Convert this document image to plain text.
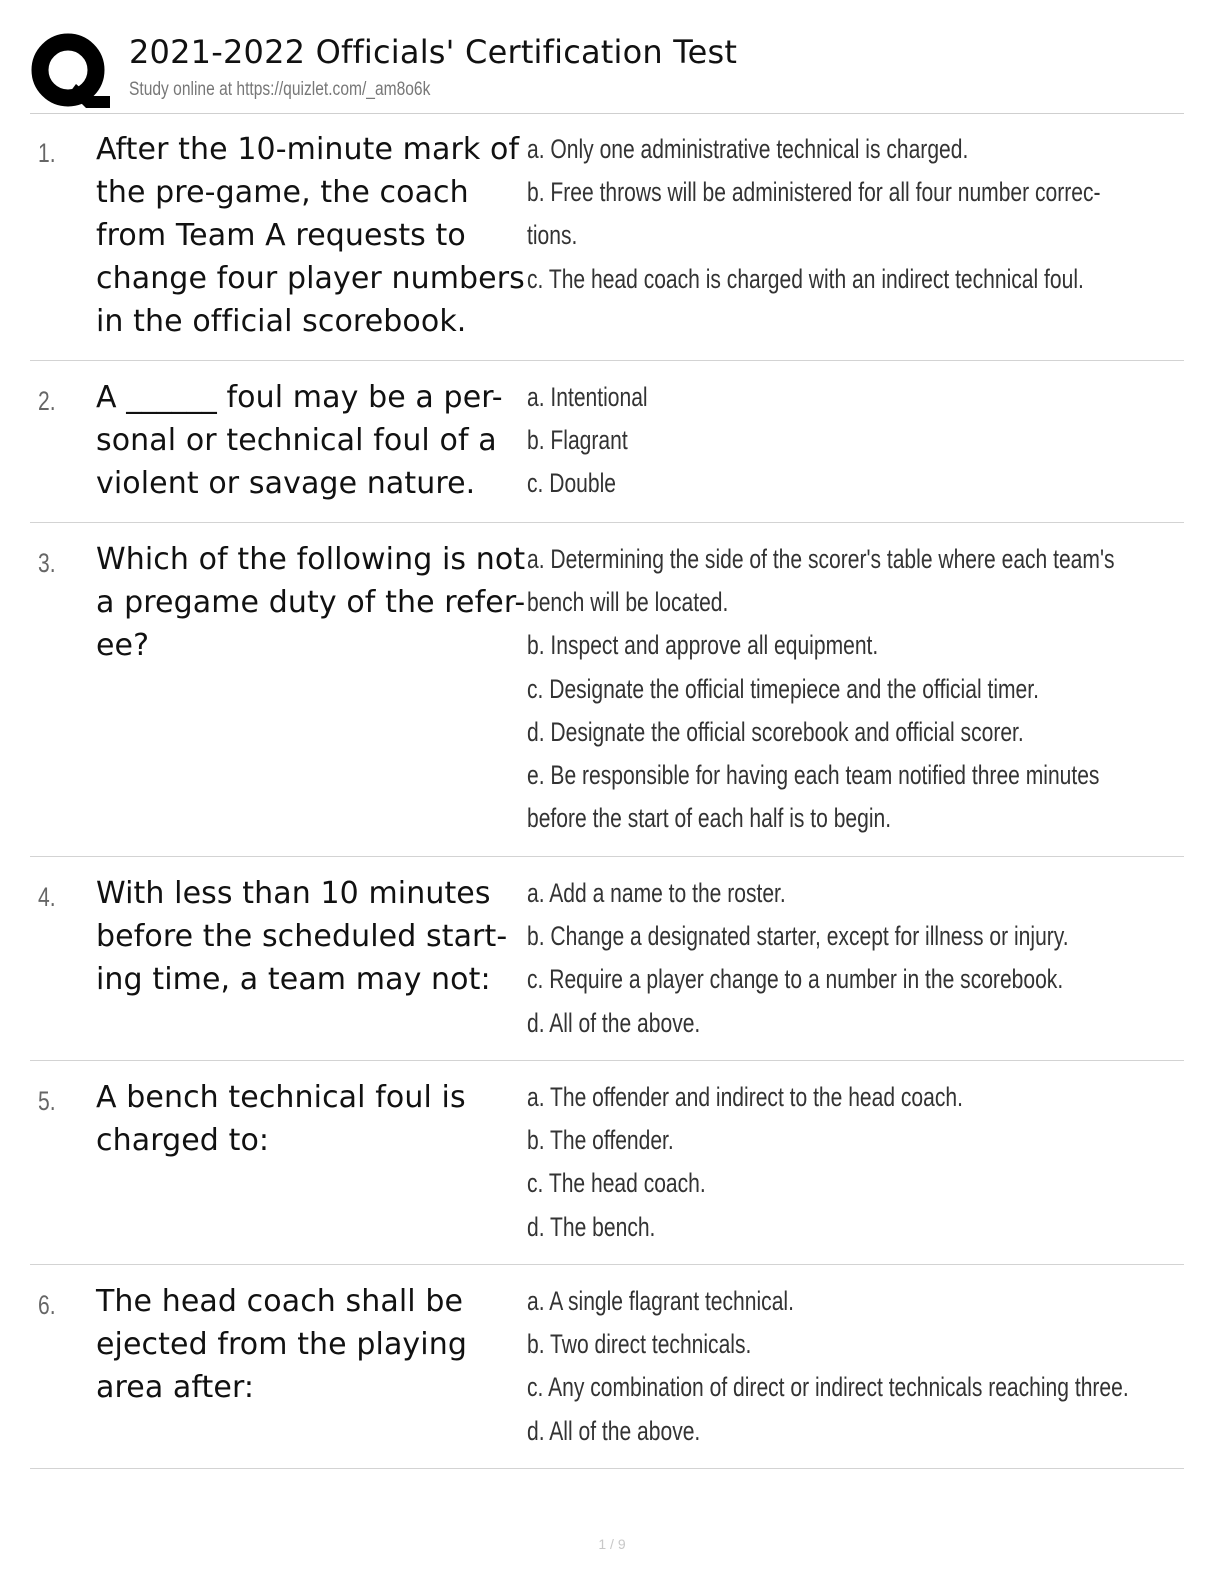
2021-2022 Officials' Certification Test
Study online at https://quizlet.com/_am8o6k
1. After the 10-minute mark of the pre-game, the coach from Team A requests to change four player numbers in the official scorebook.
a. Only one administrative technical is charged.
b. Free throws will be administered for all four number correc-
tions.
c. The head coach is charged with an indirect technical foul.
2. A ______ foul may be a per-sonal or technical foul of a violent or savage nature.
a. Intentional
b. Flagrant
c. Double
3. Which of the following is not a pregame duty of the refer-ee?
a. Determining the side of the scorer's table where each team's
bench will be located.
b. Inspect and approve all equipment.
c. Designate the official timepiece and the official timer.
d. Designate the official scorebook and official scorer.
e. Be responsible for having each team notified three minutes
before the start of each half is to begin.
4. With less than 10 minutes before the scheduled start-ing time, a team may not:
a. Add a name to the roster.
b. Change a designated starter, except for illness or injury.
c. Require a player change to a number in the scorebook.
d. All of the above.
5. A bench technical foul is charged to:
a. The offender and indirect to the head coach.
b. The offender.
c. The head coach.
d. The bench.
6. The head coach shall be ejected from the playing area after:
a. A single flagrant technical.
b. Two direct technicals.
c. Any combination of direct or indirect technicals reaching three.
d. All of the above.
1 / 9
